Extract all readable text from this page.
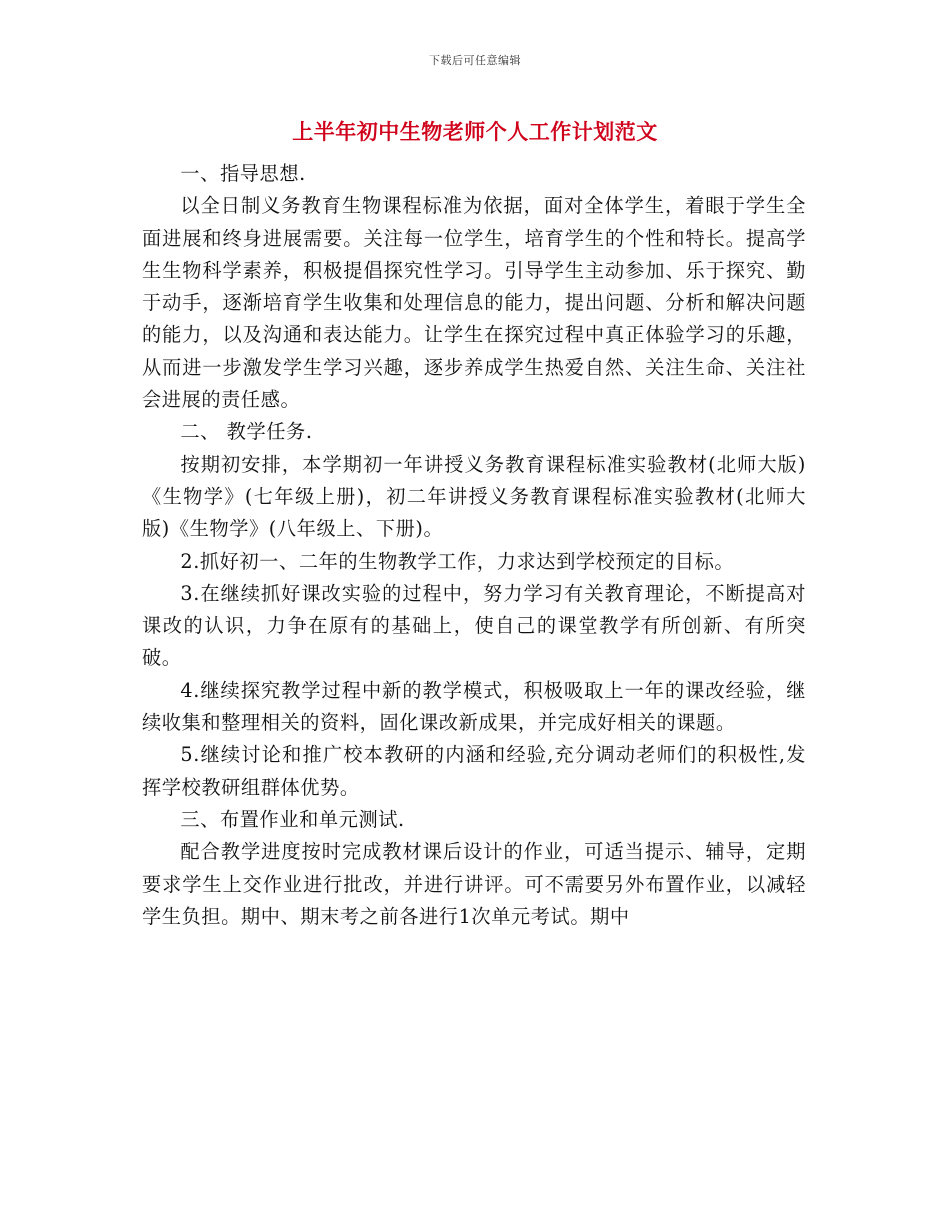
下载后可任意编辑
上半年初中生物老师个人工作计划范文

一、指导思想.

以全日制义务教育生物课程标准为依据，面对全体学生，着眼于学生全面进展和终身进展需要。关注每一位学生，培育学生的个性和特长。提高学生生物科学素养，积极提倡探究性学习。引导学生主动参加、乐于探究、勤于动手，逐渐培育学生收集和处理信息的能力，提出问题、分析和解决问题的能力，以及沟通和表达能力。让学生在探究过程中真正体验学习的乐趣，从而进一步激发学生学习兴趣，逐步养成学生热爱自然、关注生命、关注社会进展的责任感。

二、 教学任务.

按期初安排，本学期初一年讲授义务教育课程标准实验教材(北师大版)《生物学》(七年级上册)，初二年讲授义务教育课程标准实验教材(北师大版)《生物学》(八年级上、下册)。

2.抓好初一、二年的生物教学工作，力求达到学校预定的目标。

3.在继续抓好课改实验的过程中，努力学习有关教育理论，不断提高对课改的认识，力争在原有的基础上，使自己的课堂教学有所创新、有所突破。

4.继续探究教学过程中新的教学模式，积极吸取上一年的课改经验，继续收集和整理相关的资料，固化课改新成果，并完成好相关的课题。

5.继续讨论和推广校本教研的内涵和经验,充分调动老师们的积极性,发挥学校教研组群体优势。

三、布置作业和单元测试.

配合教学进度按时完成教材课后设计的作业，可适当提示、辅导，定期要求学生上交作业进行批改，并进行讲评。可不需要另外布置作业，以减轻学生负担。期中、期末考之前各进行1次单元考试。期中
